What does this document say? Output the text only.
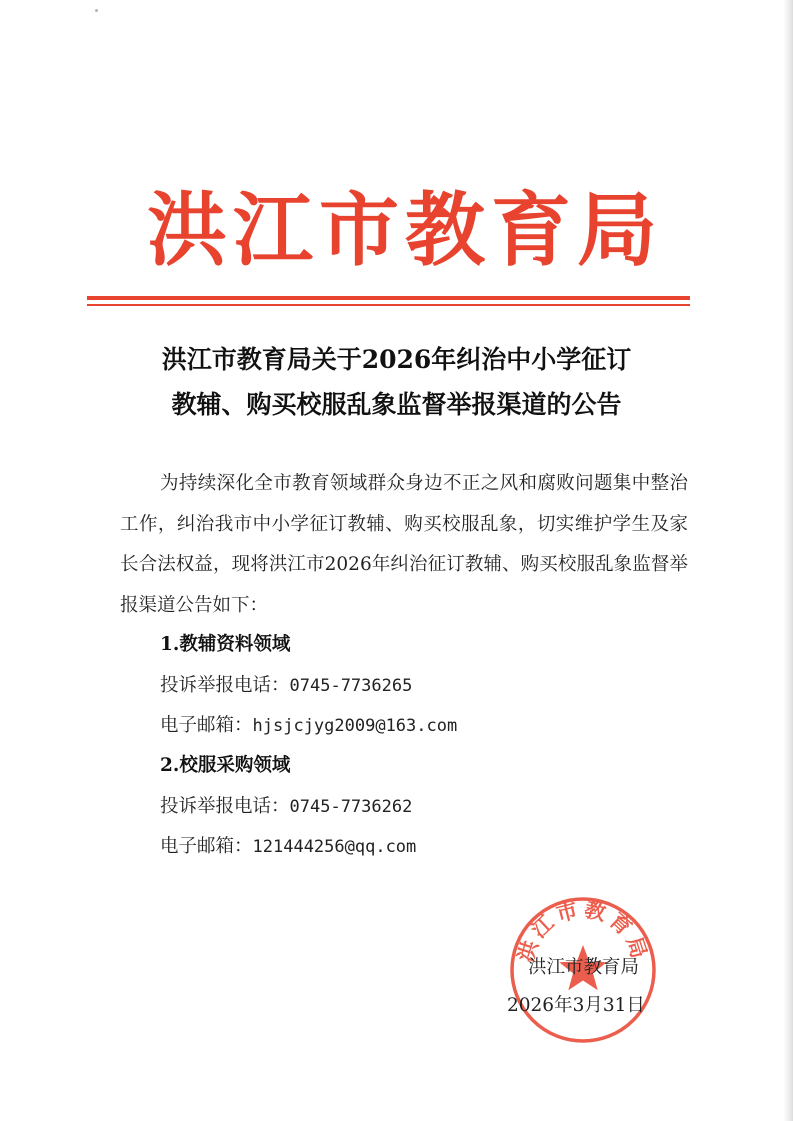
洪江市教育局
洪江市教育局关于2026年纠治中小学征订
教辅、购买校服乱象监督举报渠道的公告
为持续深化全市教育领域群众身边不正之风和腐败问题集中整治工作，纠治我市中小学征订教辅、购买校服乱象，切实维护学生及家长合法权益，现将洪江市2026年纠治征订教辅、购买校服乱象监督举报渠道公告如下：
1.教辅资料领域
投诉举报电话：0745-7736265
电子邮箱：hjsjcjyg2009@163.com
2.校服采购领域
投诉举报电话：0745-7736262
电子邮箱：121444256@qq.com
洪江市教育局
洪江市教育局
2026年3月31日
